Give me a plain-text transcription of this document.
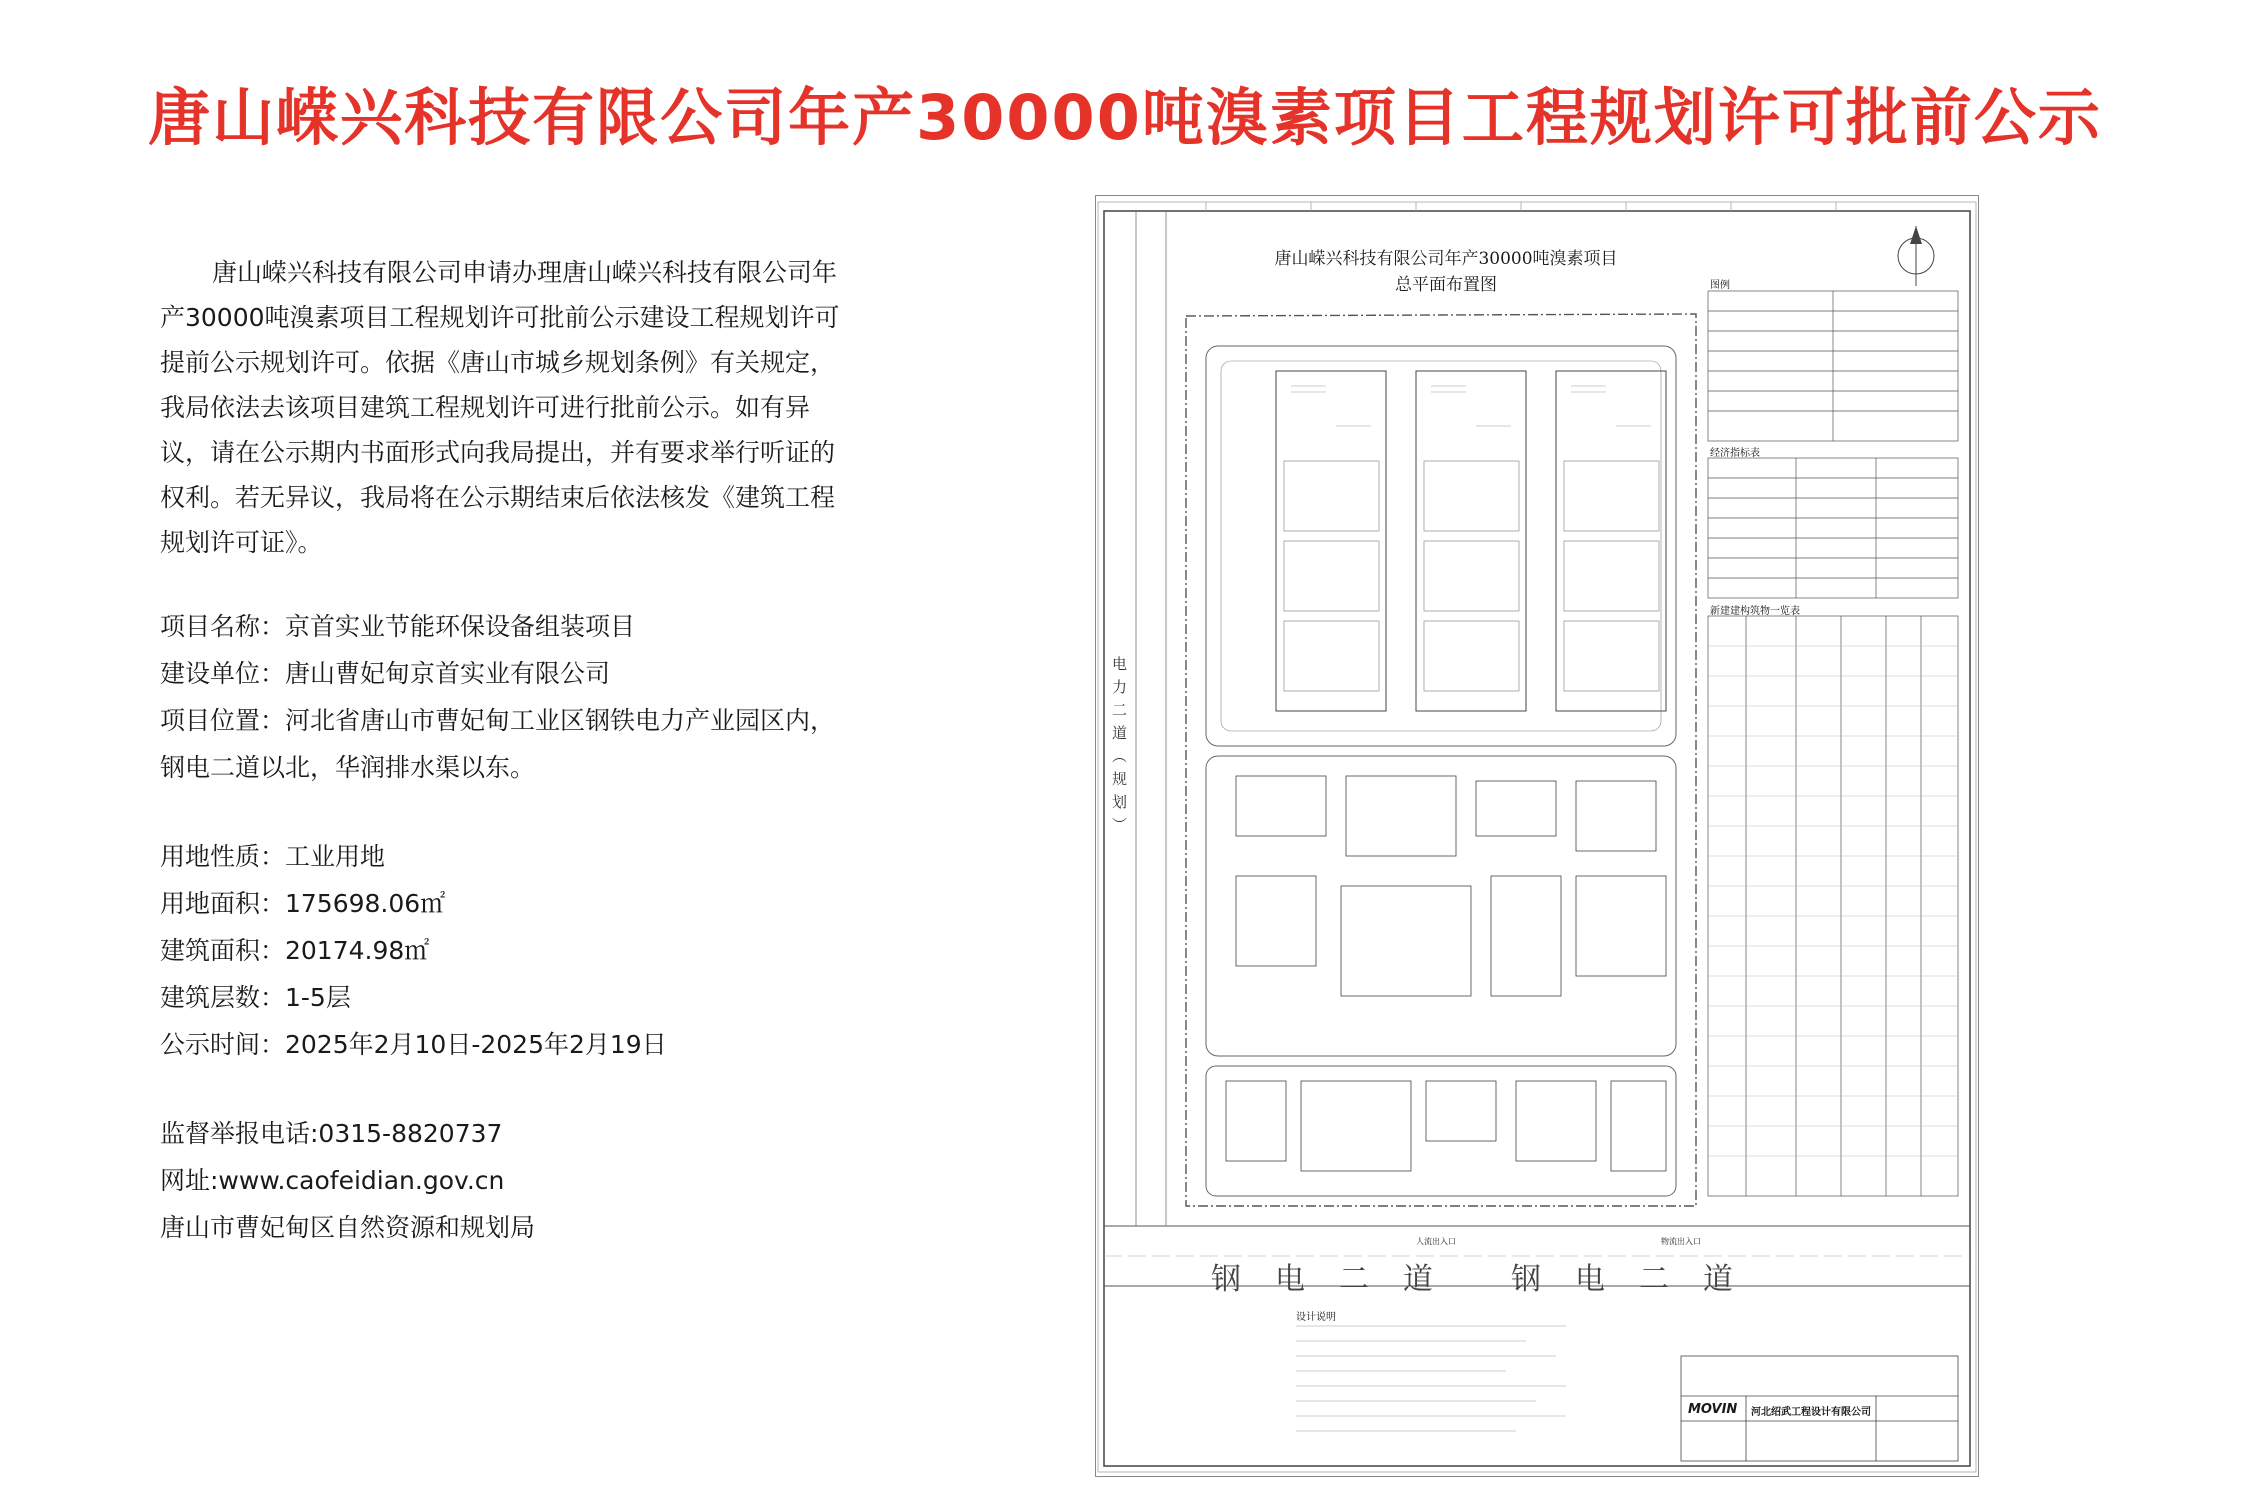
唐山嵘兴科技有限公司年产30000吨溴素项目工程规划许可批前公示

唐山嵘兴科技有限公司申请办理唐山嵘兴科技有限公司年产30000吨溴素项目工程规划许可批前公示建设工程规划许可提前公示规划许可。依据《唐山市城乡规划条例》有关规定，我局依法去该项目建筑工程规划许可进行批前公示。如有异议，请在公示期内书面形式向我局提出，并有要求举行听证的权利。若无异议，我局将在公示期结束后依法核发《建筑工程规划许可证》。

项目名称：京首实业节能环保设备组装项目
建设单位：唐山曹妃甸京首实业有限公司
项目位置：河北省唐山市曹妃甸工业区钢铁电力产业园区内，
钢电二道以北，华润排水渠以东。
用地性质：工业用地
用地面积：175698.06㎡
建筑面积：20174.98㎡
建筑层数：1-5层
公示时间：2025年2月10日-2025年2月19日
监督举报电话:0315-8820737
网址:www.caofeidian.gov.cn
唐山市曹妃甸区自然资源和规划局
唐山嵘兴科技有限公司年产30000吨溴素项目
总平面布置图
钢电二道 钢电二道
电力二道（规划）
人流出入口	物流出入口
图例
经济指标表
新建建构筑物一览表
设计说明
MOVIN 河北绍武工程设计有限公司
